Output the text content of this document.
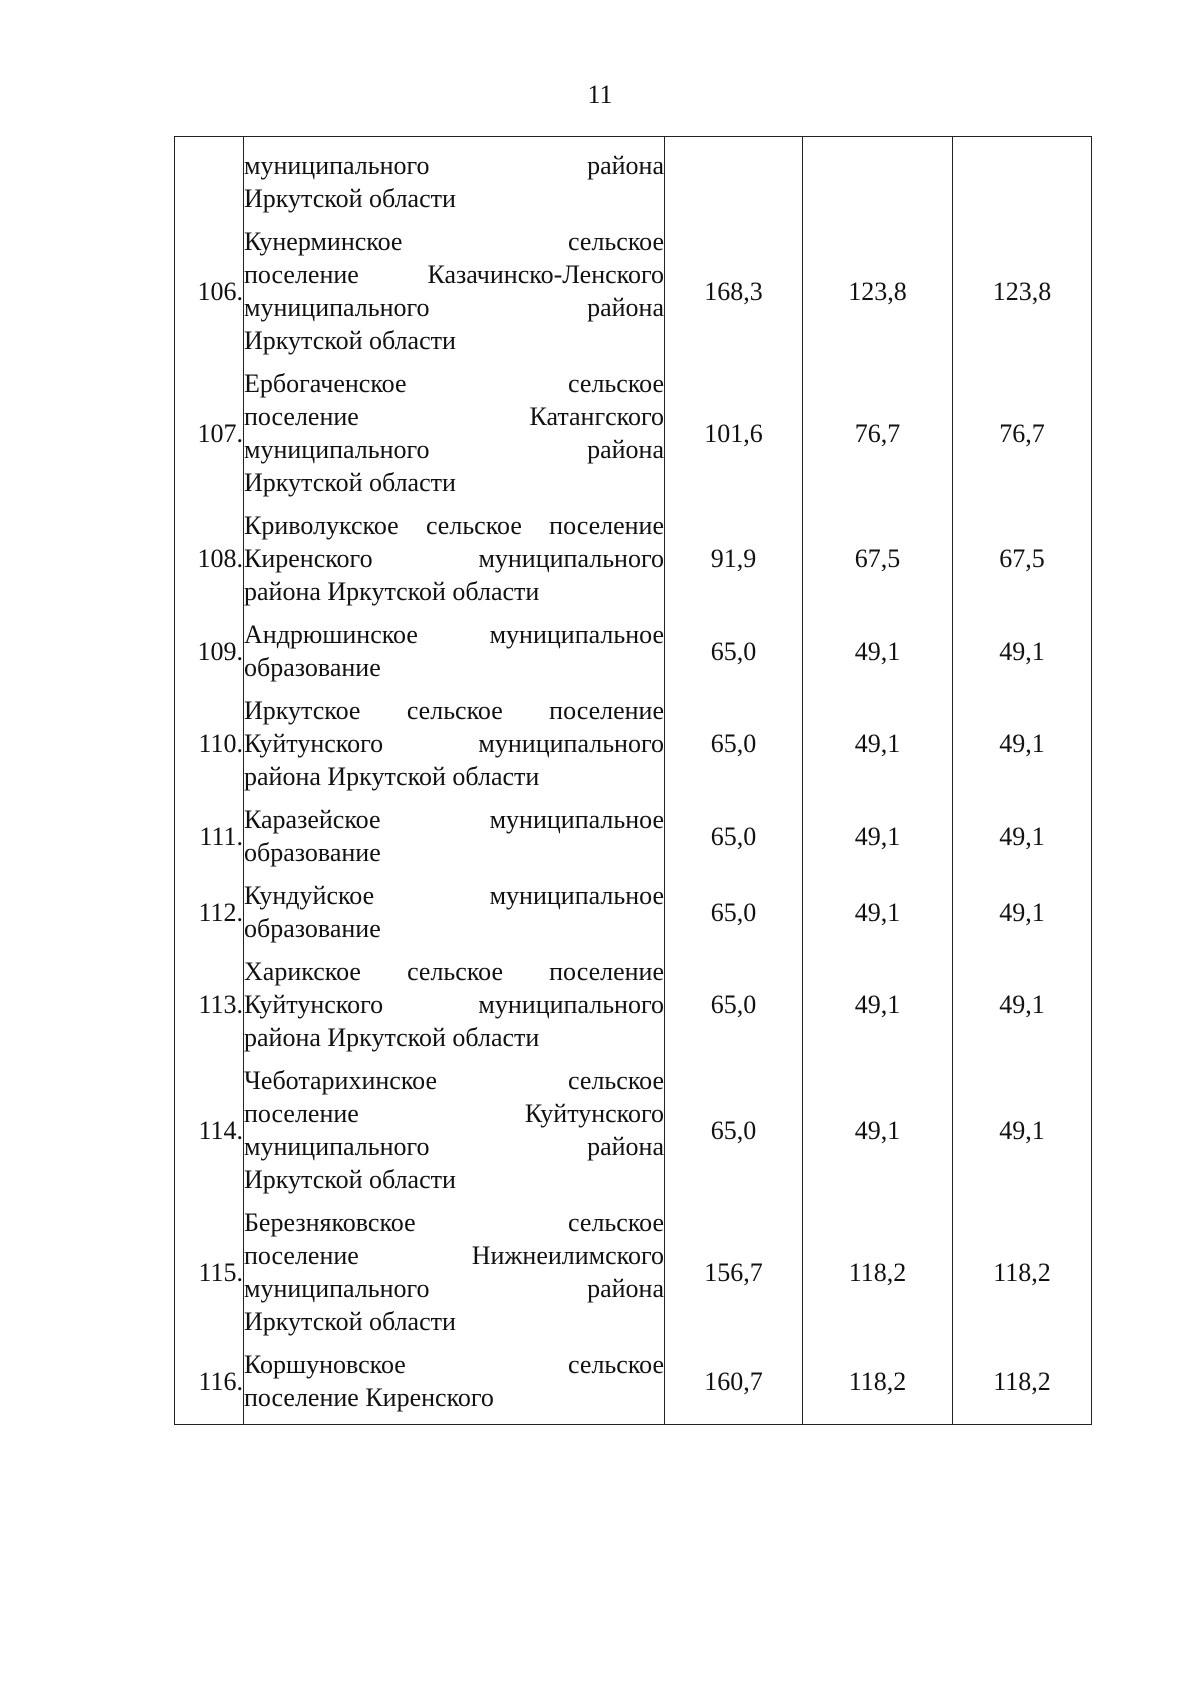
11

	муниципального района
Иркутской области			

106.	Кунерминское сельское
поселение Казачинско-Ленского
муниципального района
Иркутской области	168,3	123,8	123,8
107.	Ербогаченское сельское
поселение Катангского
муниципального района
Иркутской области	101,6	76,7	76,7
108.	Криволукское сельское поселение
Киренского муниципального
района Иркутской области	91,9	67,5	67,5
109.	Андрюшинское муниципальное
образование	65,0	49,1	49,1
110.	Иркутское сельское поселение
Куйтунского муниципального
района Иркутской области	65,0	49,1	49,1
111.	Каразейское муниципальное
образование	65,0	49,1	49,1
112.	Кундуйское муниципальное
образование	65,0	49,1	49,1
113.	Харикское сельское поселение
Куйтунского муниципального
района Иркутской области	65,0	49,1	49,1
114.	Чеботарихинское сельское
поселение Куйтунского
муниципального района
Иркутской области	65,0	49,1	49,1
115.	Березняковское сельское
поселение Нижнеилимского
муниципального района
Иркутской области	156,7	118,2	118,2
116.	Коршуновское сельское
поселение Киренского	160,7	118,2	118,2
